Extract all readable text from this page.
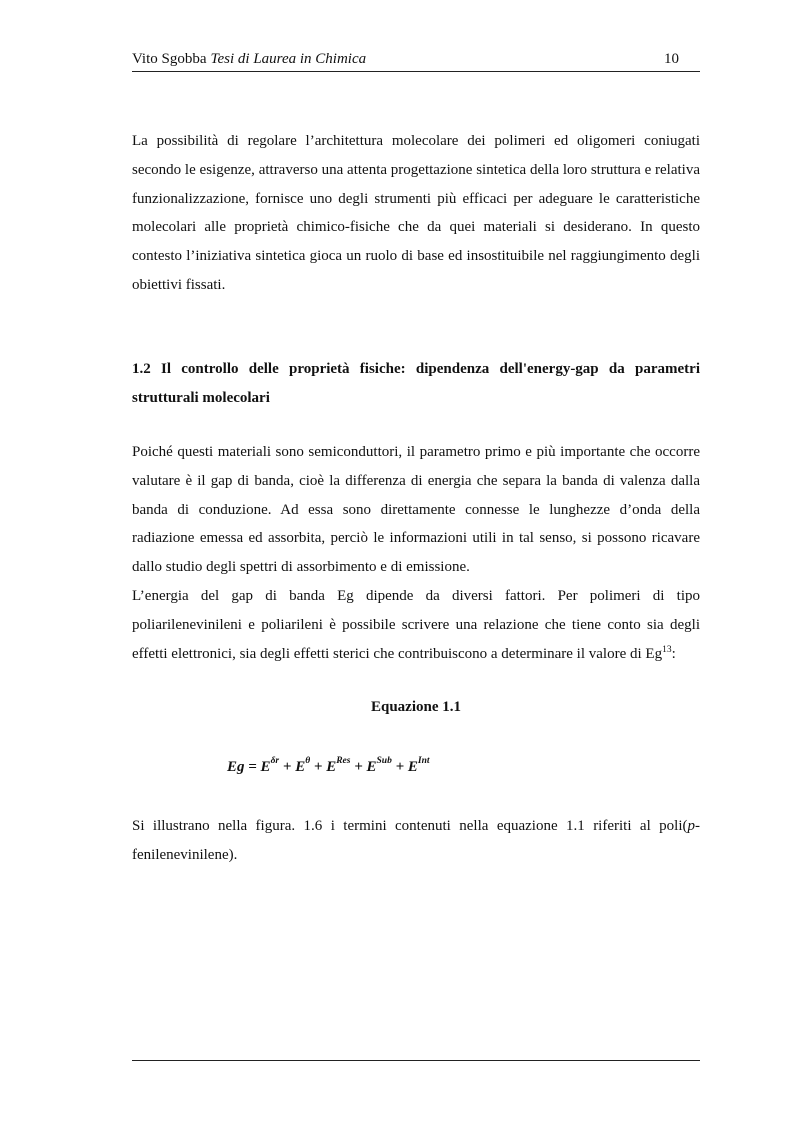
Vito Sgobba Tesi di Laurea in Chimica	10
La possibilità di regolare l’architettura molecolare dei polimeri ed oligomeri coniugati secondo le esigenze, attraverso una attenta progettazione sintetica della loro struttura e relativa funzionalizzazione, fornisce uno degli strumenti più efficaci per adeguare le caratteristiche molecolari alle proprietà chimico-fisiche che da quei materiali si desiderano. In questo contesto l’iniziativa sintetica gioca un ruolo di base ed insostituibile nel raggiungimento degli obiettivi fissati.
1.2 Il controllo delle proprietà fisiche: dipendenza dell'energy-gap da parametri strutturali molecolari
Poiché questi materiali sono semiconduttori, il parametro primo e più importante che occorre valutare è il gap di banda, cioè la differenza di energia che separa la banda di valenza dalla banda di conduzione. Ad essa sono direttamente connesse le lunghezze d’onda della radiazione emessa ed assorbita, perciò le informazioni utili in tal senso, si possono ricavare dallo studio degli spettri di assorbimento e di emissione.
L’energia del gap di banda Eg dipende da diversi fattori. Per polimeri di tipo poliarilenevinileni e poliarileni è possibile scrivere una relazione che tiene conto sia degli effetti elettronici, sia degli effetti sterici che contribuiscono a determinare il valore di Eg$^{13}$:
Equazione 1.1
$Eg = E^{\delta r} + E^\theta + E^{Res} + E^{Sub} + E^{Int}$
Si illustrano nella figura. 1.6 i termini contenuti nella equazione 1.1 riferiti al poli(p-fenilenevinilene).
